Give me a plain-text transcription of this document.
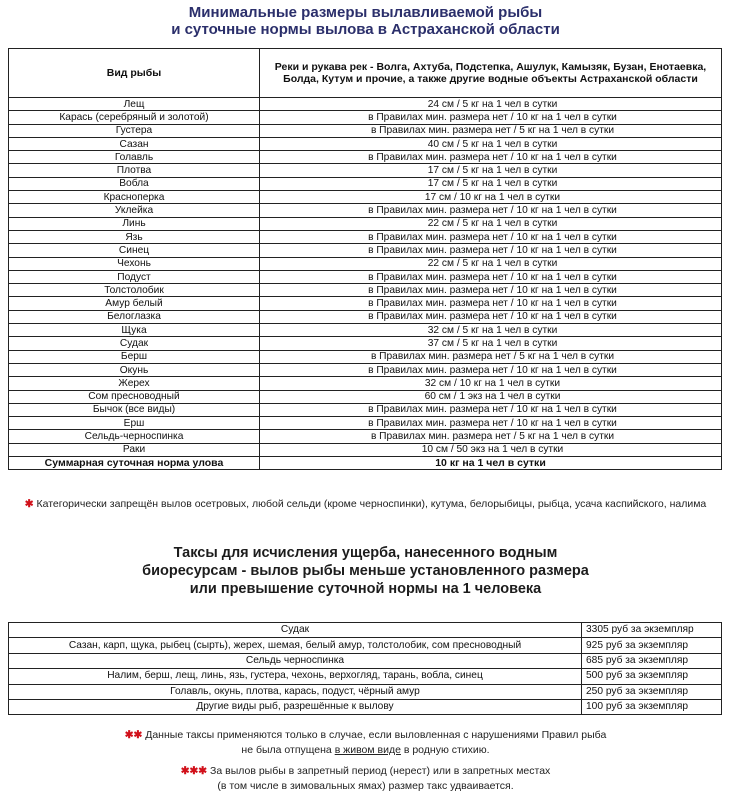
Минимальные размеры вылавливаемой рыбы
и суточные нормы вылова в Астраханской области
Вид рыбы	Реки и рукава рек - Волга, Ахтуба, Подстепка, Ашулук, Камызяк, Бузан, Енотаевка, Болда, Кутум и прочие, а также другие водные объекты Астраханской области
Лещ	24 см / 5 кг на 1 чел в сутки
Карась (серебряный и золотой)	в Правилах мин. размера нет / 10 кг на 1 чел в сутки
Густера	в Правилах мин. размера нет / 5 кг на 1 чел в сутки
Сазан	40 см / 5 кг на 1 чел в сутки
Голавль	в Правилах мин. размера нет / 10 кг на 1 чел в сутки
Плотва	17 см / 5 кг на 1 чел в сутки
Вобла	17 см / 5 кг на 1 чел в сутки
Красноперка	17 см / 10 кг на 1 чел в сутки
Уклейка	в Правилах мин. размера нет / 10 кг на 1 чел в сутки
Линь	22 см / 5 кг на 1 чел в сутки
Язь	в Правилах мин. размера нет / 10 кг на 1 чел в сутки
Синец	в Правилах мин. размера нет / 10 кг на 1 чел в сутки
Чехонь	22 см / 5 кг на 1 чел в сутки
Подуст	в Правилах мин. размера нет / 10 кг на 1 чел в сутки
Толстолобик	в Правилах мин. размера нет / 10 кг на 1 чел в сутки
Амур белый	в Правилах мин. размера нет / 10 кг на 1 чел в сутки
Белоглазка	в Правилах мин. размера нет / 10 кг на 1 чел в сутки
Щука	32 см / 5 кг на 1 чел в сутки
Судак	37 см / 5 кг на 1 чел в сутки
Берш	в Правилах мин. размера нет / 5 кг на 1 чел в сутки
Окунь	в Правилах мин. размера нет / 10 кг на 1 чел в сутки
Жерех	32 см / 10 кг на 1 чел в сутки
Сом пресноводный	60 см / 1 экз на 1 чел в сутки
Бычок (все виды)	в Правилах мин. размера нет / 10 кг на 1 чел в сутки
Ерш	в Правилах мин. размера нет / 10 кг на 1 чел в сутки
Сельдь-черноспинка	в Правилах мин. размера нет / 5 кг на 1 чел в сутки
Раки	10 см / 50 экз на 1 чел в сутки
Суммарная суточная норма улова	10 кг на 1 чел в сутки
✱ Категорически запрещён вылов осетровых, любой сельди (кроме черноспинки), кутума, белорыбицы, рыбца, усача каспийского, налима
Таксы для исчисления ущерба, нанесенного водным
биоресурсам - вылов рыбы меньше установленного размера
или превышение суточной нормы на 1 человека
Судак	3305 руб за экземпляр
Сазан, карп, щука, рыбец (сырть), жерех, шемая, белый амур, толстолобик, сом пресноводный	925 руб за экземпляр
Сельдь черноспинка	685 руб за экземпляр
Налим, берш, лещ, линь, язь, густера, чехонь, верхогляд, тарань, вобла, синец	500 руб за экземпляр
Голавль, окунь, плотва, карась, подуст, чёрный амур	250 руб за экземпляр
Другие виды рыб, разрешённые к вылову	100 руб за экземпляр
✱✱ Данные таксы применяются только в случае, если выловленная с нарушениями Правил рыба
не была отпущена в живом виде в родную стихию.
✱✱✱ За вылов рыбы в запретный период (нерест) или в запретных местах
(в том числе в зимовальных ямах) размер такс удваивается.
